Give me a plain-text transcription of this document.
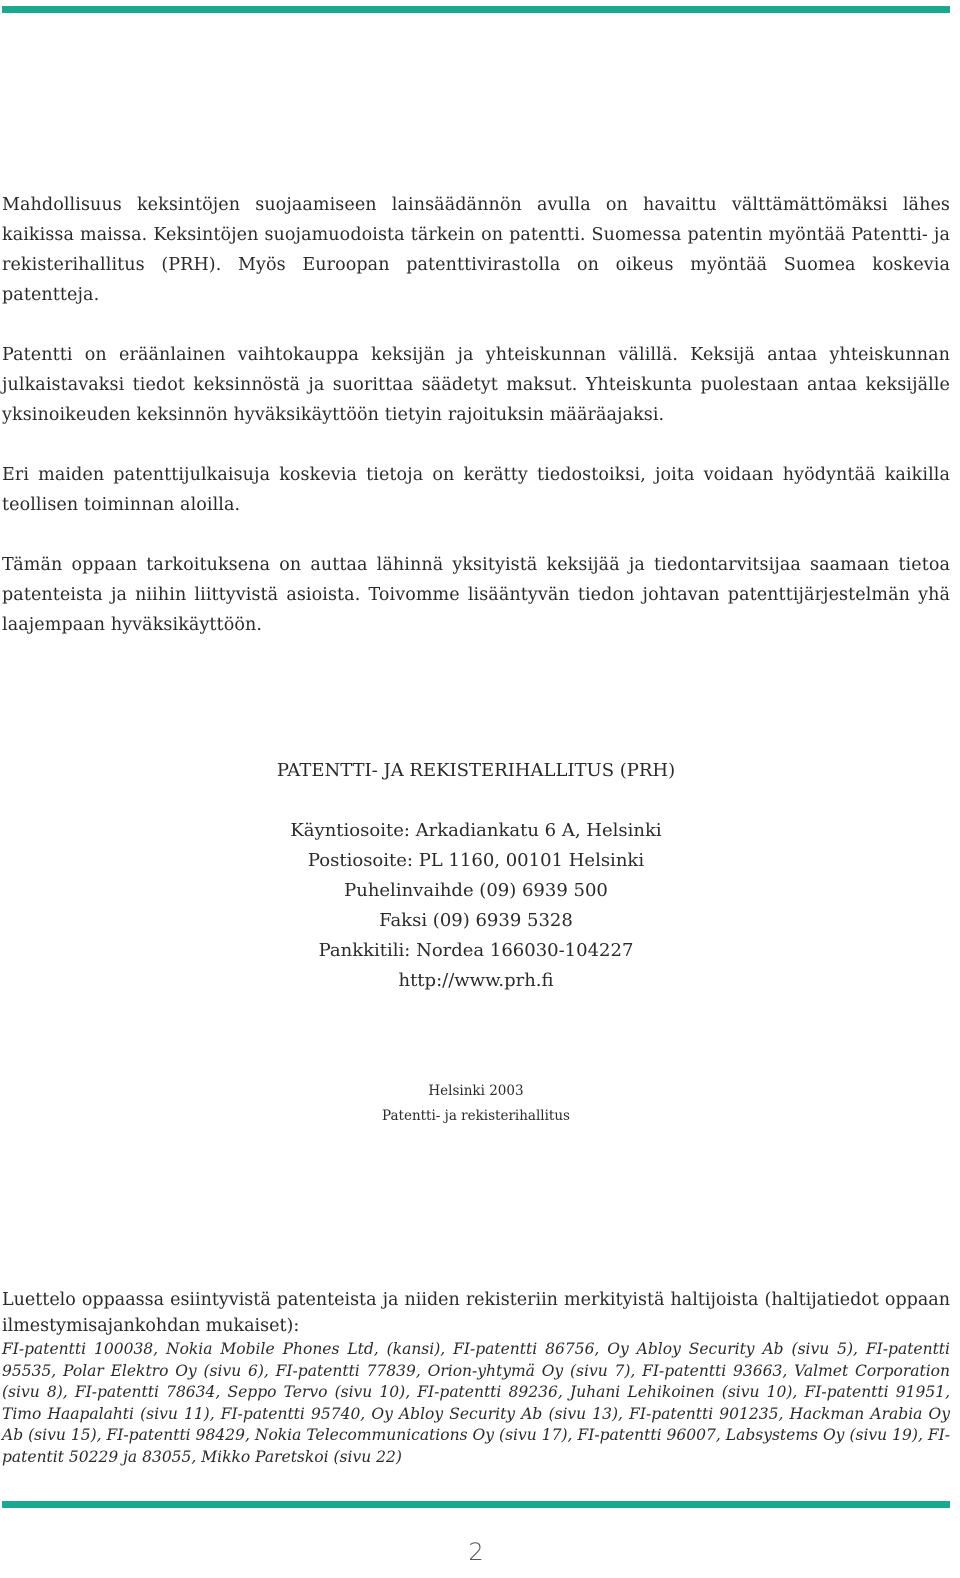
Mahdollisuus keksintöjen suojaamiseen lainsäädännön avulla on havaittu välttämättömäksi lähes kaikissa maissa. Keksintöjen suojamuodoista tärkein on patentti. Suomessa patentin myöntää Patentti- ja rekisterihallitus (PRH). Myös Euroopan patenttivirastolla on oikeus myöntää Suomea koskevia patentteja.

Patentti on eräänlainen vaihtokauppa keksijän ja yhteiskunnan välillä. Keksijä antaa yhteiskunnan julkaistavaksi tiedot keksinnöstä ja suorittaa säädetyt maksut. Yhteiskunta puolestaan antaa keksijälle yksinoikeuden keksinnön hyväksikäyttöön tietyin rajoituksin määräajaksi.

Eri maiden patenttijulkaisuja koskevia tietoja on kerätty tiedostoiksi, joita voidaan hyödyntää kaikilla teollisen toiminnan aloilla.

Tämän oppaan tarkoituksena on auttaa lähinnä yksityistä keksijää ja tiedontarvitsijaa saamaan tietoa patenteista ja niihin liittyvistä asioista. Toivomme lisääntyvän tiedon johtavan patenttijärjestelmän yhä laajempaan hyväksikäyttöön.

PATENTTI- JA REKISTERIHALLITUS (PRH)
Käyntiosoite: Arkadiankatu 6 A, Helsinki
Postiosoite: PL 1160, 00101 Helsinki
Puhelinvaihde (09) 6939 500
Faksi (09) 6939 5328
Pankkitili: Nordea 166030-104227
http://www.prh.fi
Helsinki 2003
Patentti- ja rekisterihallitus

Luettelo oppaassa esiintyvistä patenteista ja niiden rekisteriin merkityistä haltijoista (haltijatiedot oppaan ilmestymisajankohdan mukaiset):

FI-patentti 100038, Nokia Mobile Phones Ltd, (kansi), FI-patentti 86756, Oy Abloy Security Ab (sivu 5), FI-patentti 95535, Polar Elektro Oy (sivu 6), FI-patentti 77839, Orion-yhtymä Oy (sivu 7), FI-patentti 93663, Valmet Corporation (sivu 8), FI-patentti 78634, Seppo Tervo (sivu 10), FI-patentti 89236, Juhani Lehikoinen (sivu 10), FI-patentti 91951, Timo Haapalahti (sivu 11), FI-patentti 95740, Oy Abloy Security Ab (sivu 13), FI-patentti 901235, Hackman Arabia Oy Ab (sivu 15), FI-patentti 98429, Nokia Telecommunications Oy (sivu 17), FI-patentti 96007, Labsystems Oy (sivu 19), FI-patentit 50229 ja 83055, Mikko Paretskoi (sivu 22)

2
